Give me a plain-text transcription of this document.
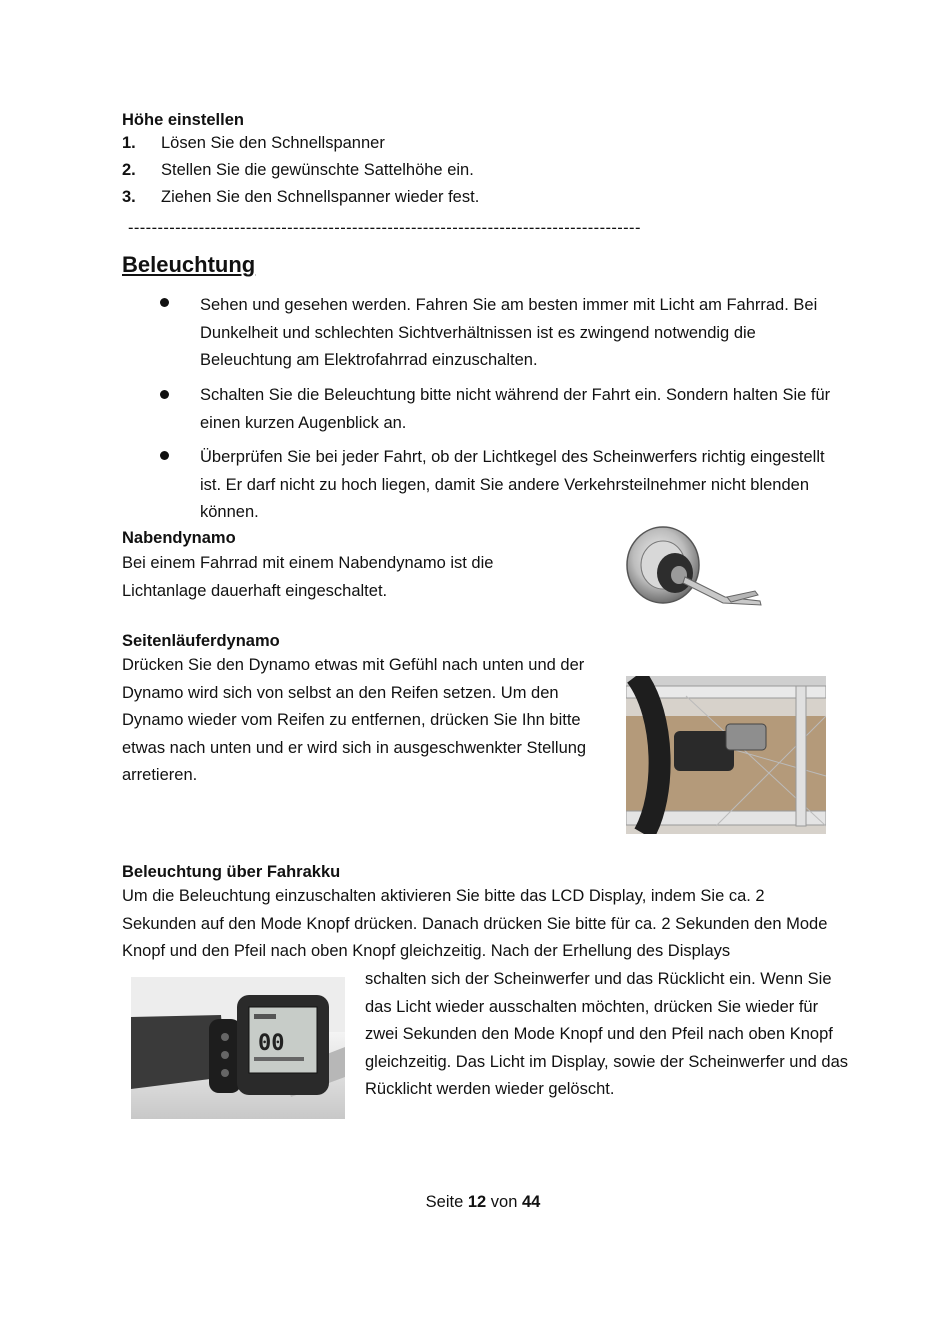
Höhe einstellen
1. Lösen Sie den Schnellspanner
2. Stellen Sie die gewünschte Sattelhöhe ein.
3. Ziehen Sie den Schnellspanner wieder fest.
---------------------------------------------------------------------------------------
Beleuchtung
Sehen und gesehen werden. Fahren Sie am besten immer mit Licht am Fahrrad. Bei Dunkelheit und schlechten Sichtverhältnissen ist es zwingend notwendig die Beleuchtung am Elektrofahrrad einzuschalten.
Schalten Sie die Beleuchtung bitte nicht während der Fahrt ein. Sondern halten Sie für einen kurzen Augenblick an.
Überprüfen Sie bei jeder Fahrt, ob der Lichtkegel des Scheinwerfers richtig eingestellt ist. Er darf nicht zu hoch liegen, damit Sie andere Verkehrsteilnehmer nicht blenden können.
Nabendynamo
Bei einem Fahrrad mit einem Nabendynamo ist die Lichtanlage dauerhaft eingeschaltet.
Seitenläuferdynamo
Drücken Sie den Dynamo etwas mit Gefühl nach unten und der Dynamo wird sich von selbst an den Reifen setzen. Um den Dynamo wieder vom Reifen zu entfernen, drücken Sie Ihn bitte etwas nach unten und er wird sich in ausgeschwenkter Stellung arretieren.
Beleuchtung über Fahrakku
Um die Beleuchtung einzuschalten aktivieren Sie bitte das LCD Display, indem Sie ca. 2 Sekunden auf den Mode Knopf drücken. Danach drücken Sie bitte für ca. 2 Sekunden den Mode Knopf und den Pfeil nach oben Knopf gleichzeitig. Nach der Erhellung des Displays
schalten sich der Scheinwerfer und das Rücklicht ein. Wenn Sie das Licht wieder ausschalten möchten, drücken Sie wieder für zwei Sekunden den Mode Knopf und den Pfeil nach oben Knopf gleichzeitig. Das Licht im Display, sowie der Scheinwerfer und das Rücklicht werden wieder gelöscht.
00
Seite 12 von 44
